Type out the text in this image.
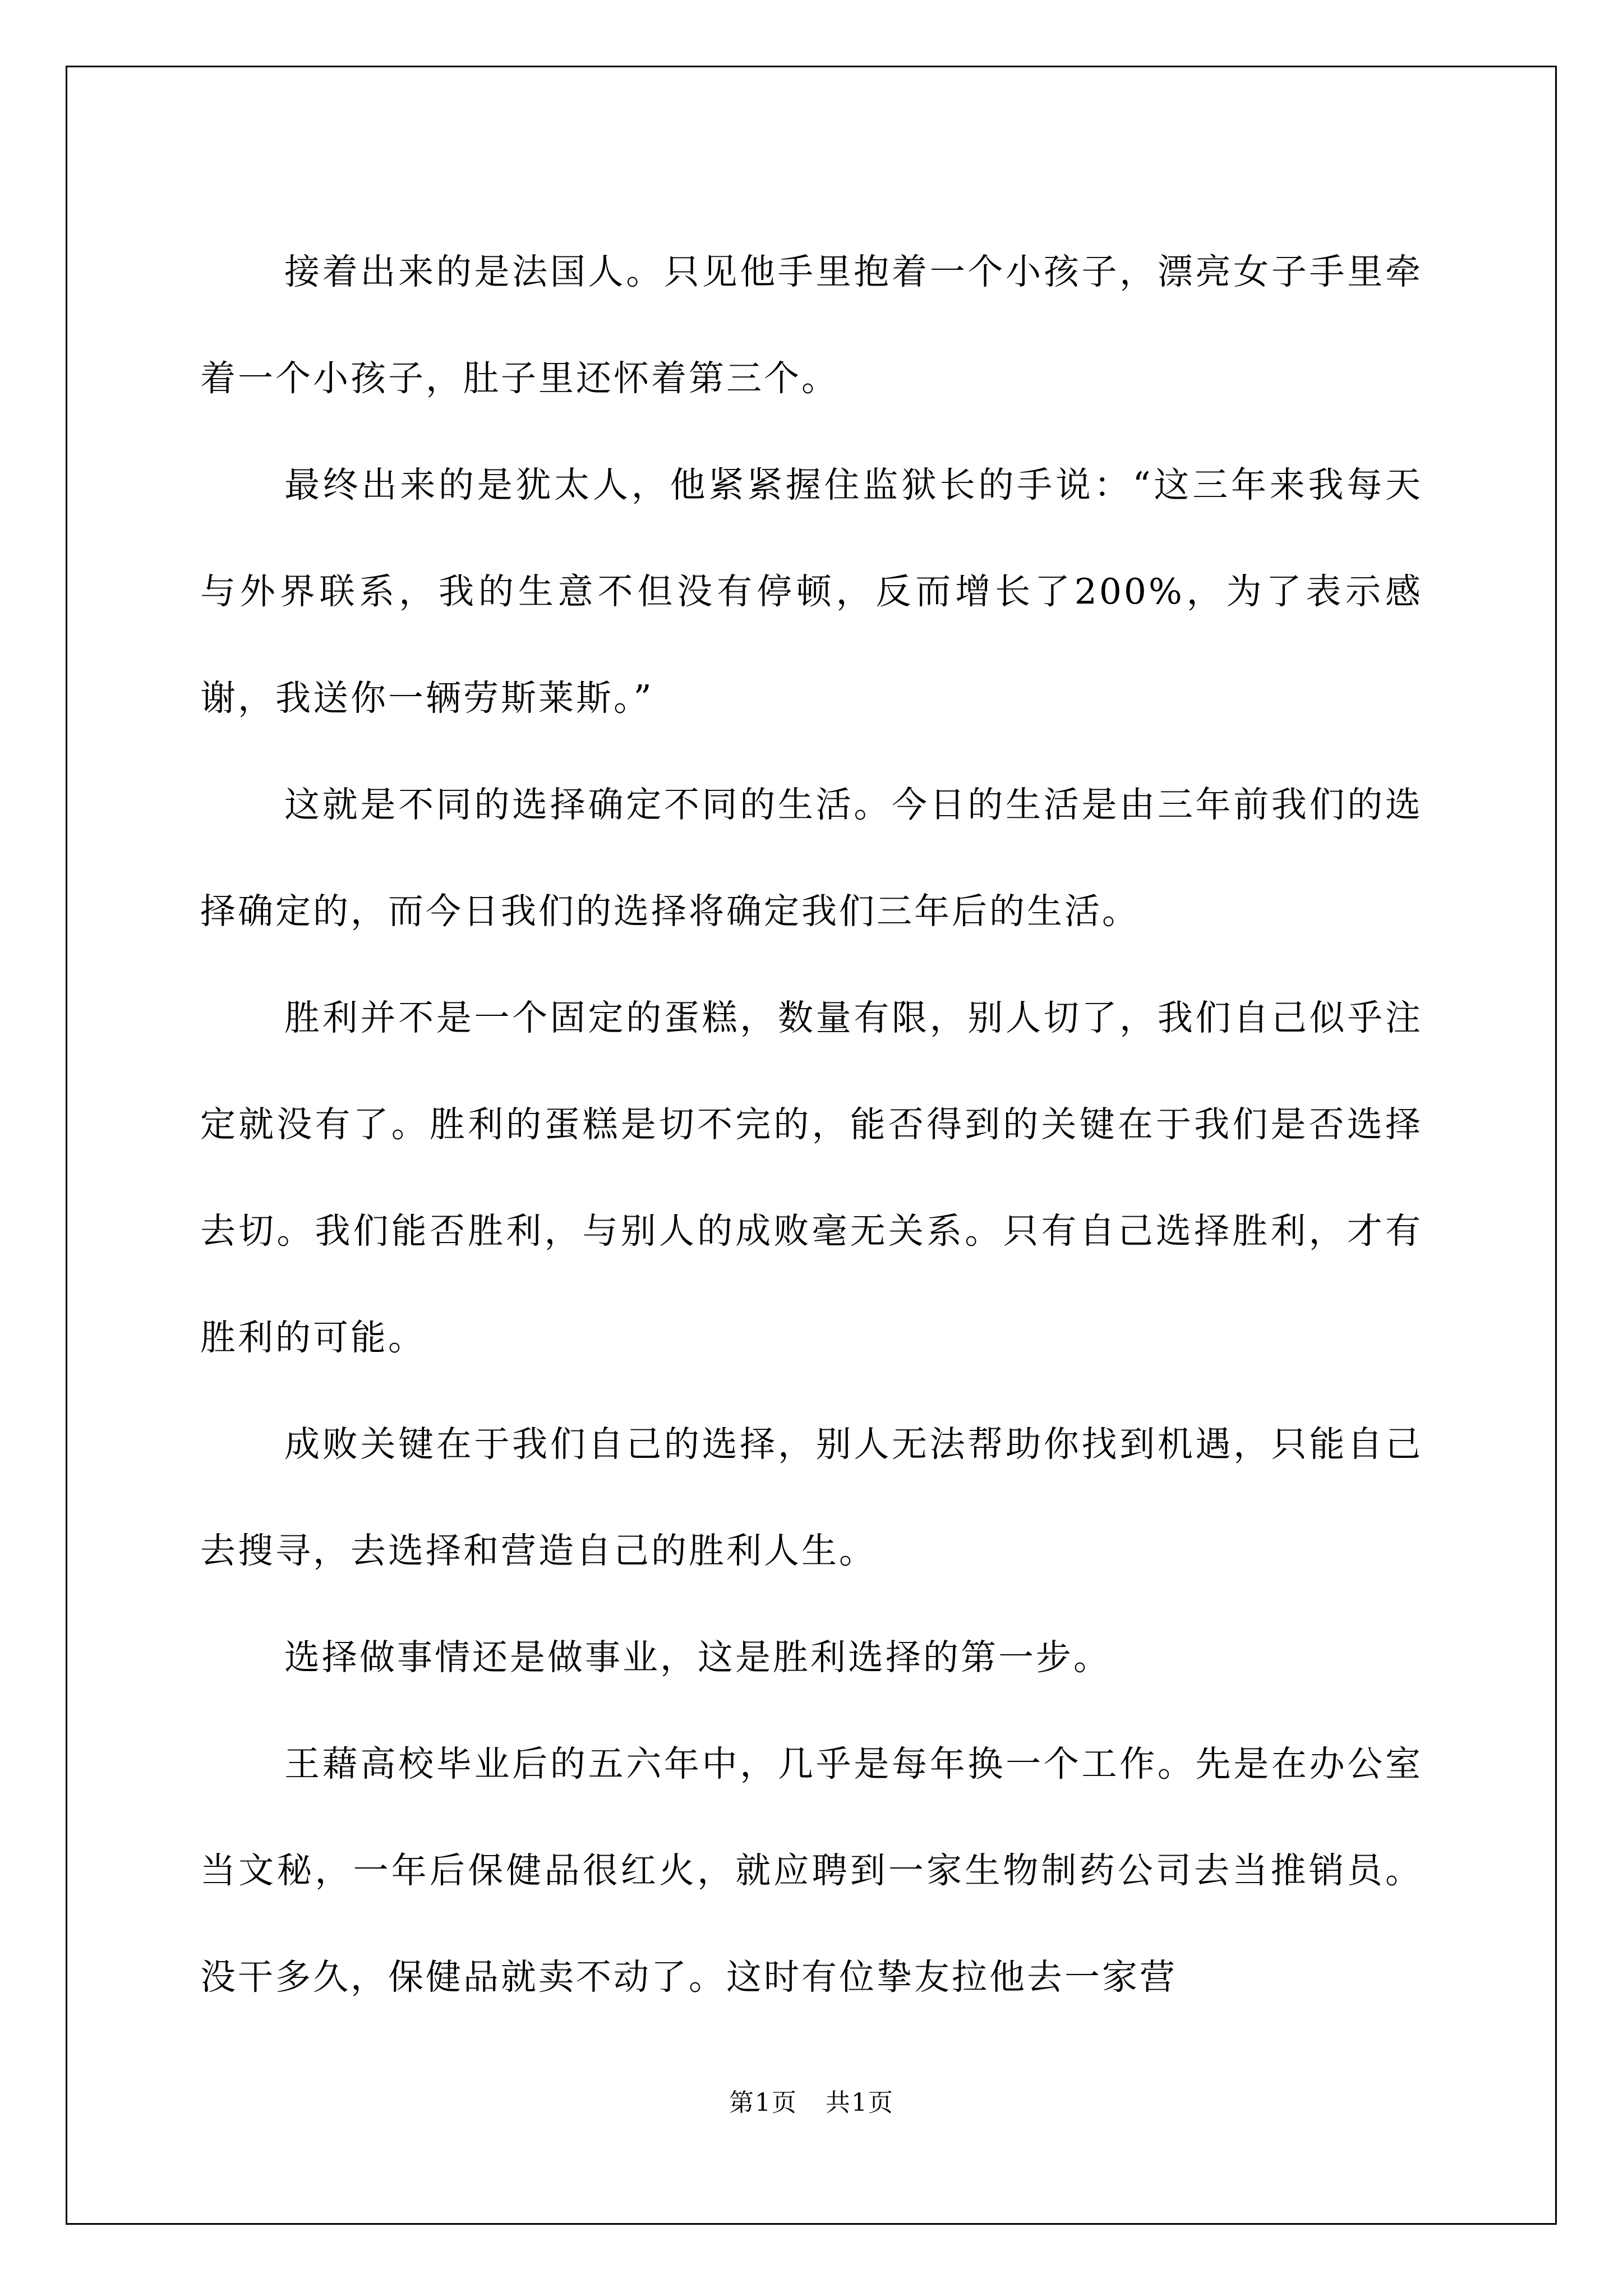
接着出来的是法国人。只见他手里抱着一个小孩子，漂亮女子手里牵着一个小孩子，肚子里还怀着第三个。

最终出来的是犹太人，他紧紧握住监狱长的手说：“这三年来我每天与外界联系，我的生意不但没有停顿，反而增长了200%，为了表示感谢，我送你一辆劳斯莱斯。”

这就是不同的选择确定不同的生活。今日的生活是由三年前我们的选择确定的，而今日我们的选择将确定我们三年后的生活。

胜利并不是一个固定的蛋糕，数量有限，别人切了，我们自己似乎注定就没有了。胜利的蛋糕是切不完的，能否得到的关键在于我们是否选择去切。我们能否胜利，与别人的成败毫无关系。只有自己选择胜利，才有胜利的可能。

成败关键在于我们自己的选择，别人无法帮助你找到机遇，只能自己去搜寻，去选择和营造自己的胜利人生。

选择做事情还是做事业，这是胜利选择的第一步。

王藉高校毕业后的五六年中，几乎是每年换一个工作。先是在办公室当文秘，一年后保健品很红火，就应聘到一家生物制药公司去当推销员。没干多久，保健品就卖不动了。这时有位挚友拉他去一家营

第1页 共1页
